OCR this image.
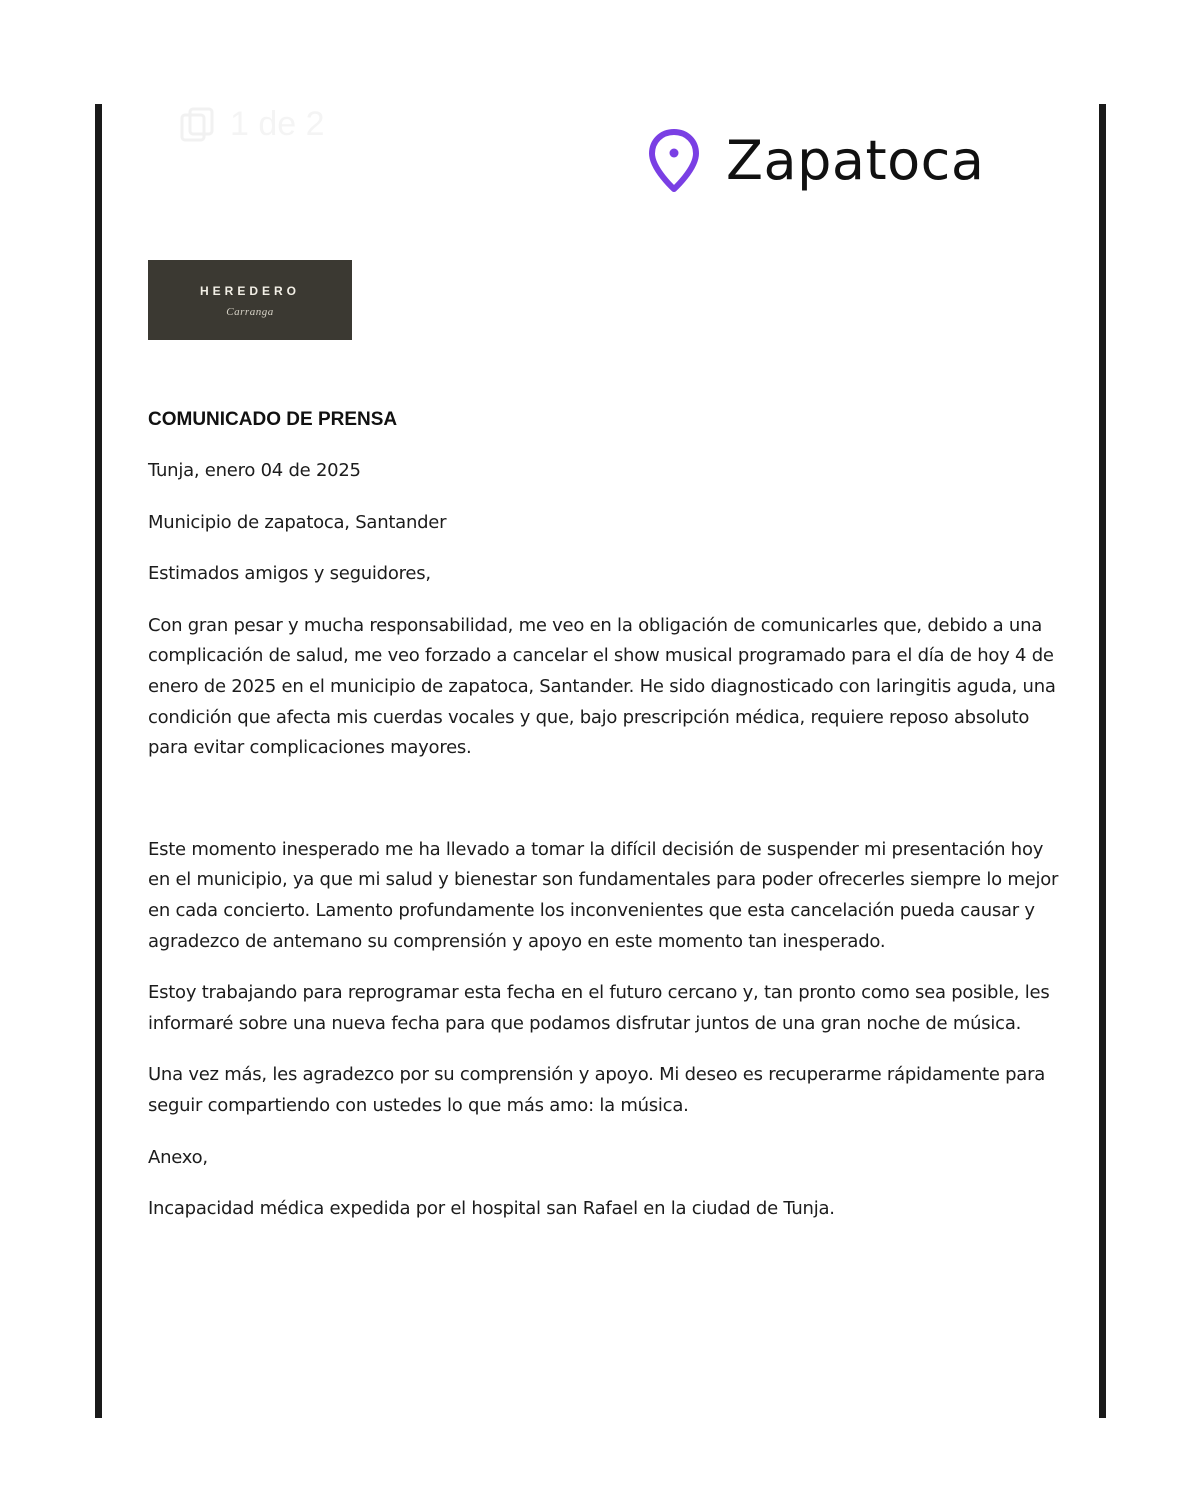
1 de 2
Zapatoca
HEREDERO
Carranga
COMUNICADO DE PRENSA

Tunja, enero 04 de 2025

Municipio de zapatoca, Santander

Estimados amigos y seguidores,

Con gran pesar y mucha responsabilidad, me veo en la obligación de comunicarles que, debido a una complicación de salud, me veo forzado a cancelar el show musical programado para el día de hoy 4 de enero de 2025 en el municipio de zapatoca, Santander. He sido diagnosticado con laringitis aguda, una condición que afecta mis cuerdas vocales y que, bajo prescripción médica, requiere reposo absoluto para evitar complicaciones mayores.

Este momento inesperado me ha llevado a tomar la difícil decisión de suspender mi presentación hoy en el municipio, ya que mi salud y bienestar son fundamentales para poder ofrecerles siempre lo mejor en cada concierto. Lamento profundamente los inconvenientes que esta cancelación pueda causar y agradezco de antemano su comprensión y apoyo en este momento tan inesperado.

Estoy trabajando para reprogramar esta fecha en el futuro cercano y, tan pronto como sea posible, les informaré sobre una nueva fecha para que podamos disfrutar juntos de una gran noche de música.

Una vez más, les agradezco por su comprensión y apoyo. Mi deseo es recuperarme rápidamente para seguir compartiendo con ustedes lo que más amo: la música.

Anexo,

Incapacidad médica expedida por el hospital san Rafael en la ciudad de Tunja.
